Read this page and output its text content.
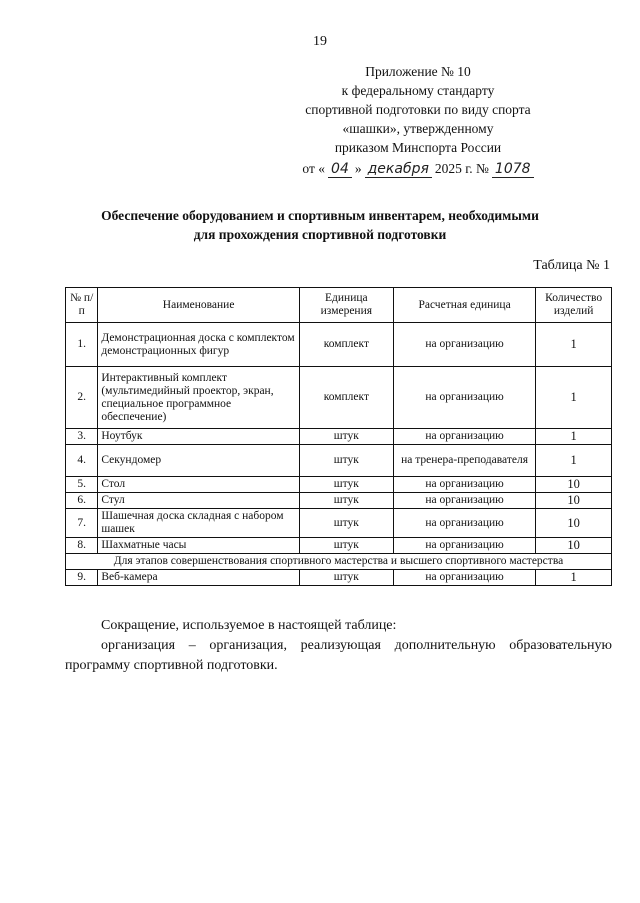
19
Приложение № 10
к федеральному стандарту
спортивной подготовки по виду спорта
«шашки», утвержденному
приказом Минспорта России
от « 04 » декабря 2025 г. № 1078
Обеспечение оборудованием и спортивным инвентарем, необходимыми
для прохождения спортивной подготовки
Таблица № 1
№ п/п	Наименование	Единица измерения	Расчетная единица	Количество изделий
1.	Демонстрационная доска с комплектом демонстрационных фигур	комплект	на организацию	1
2.	Интерактивный комплект (мультимедийный проектор, экран, специальное программное обеспечение)	комплект	на организацию	1
3.	Ноутбук	штук	на организацию	1
4.	Секундомер	штук	на тренера-преподавателя	1
5.	Стол	штук	на организацию	10
6.	Стул	штук	на организацию	10
7.	Шашечная доска складная с набором шашек	штук	на организацию	10
8.	Шахматные часы	штук	на организацию	10
Для этапов совершенствования спортивного мастерства и высшего спортивного мастерства				
9.	Веб-камера	штук	на организацию	1

Сокращение, используемое в настоящей таблице:

организация – организация, реализующая дополнительную образовательную программу спортивной подготовки.
